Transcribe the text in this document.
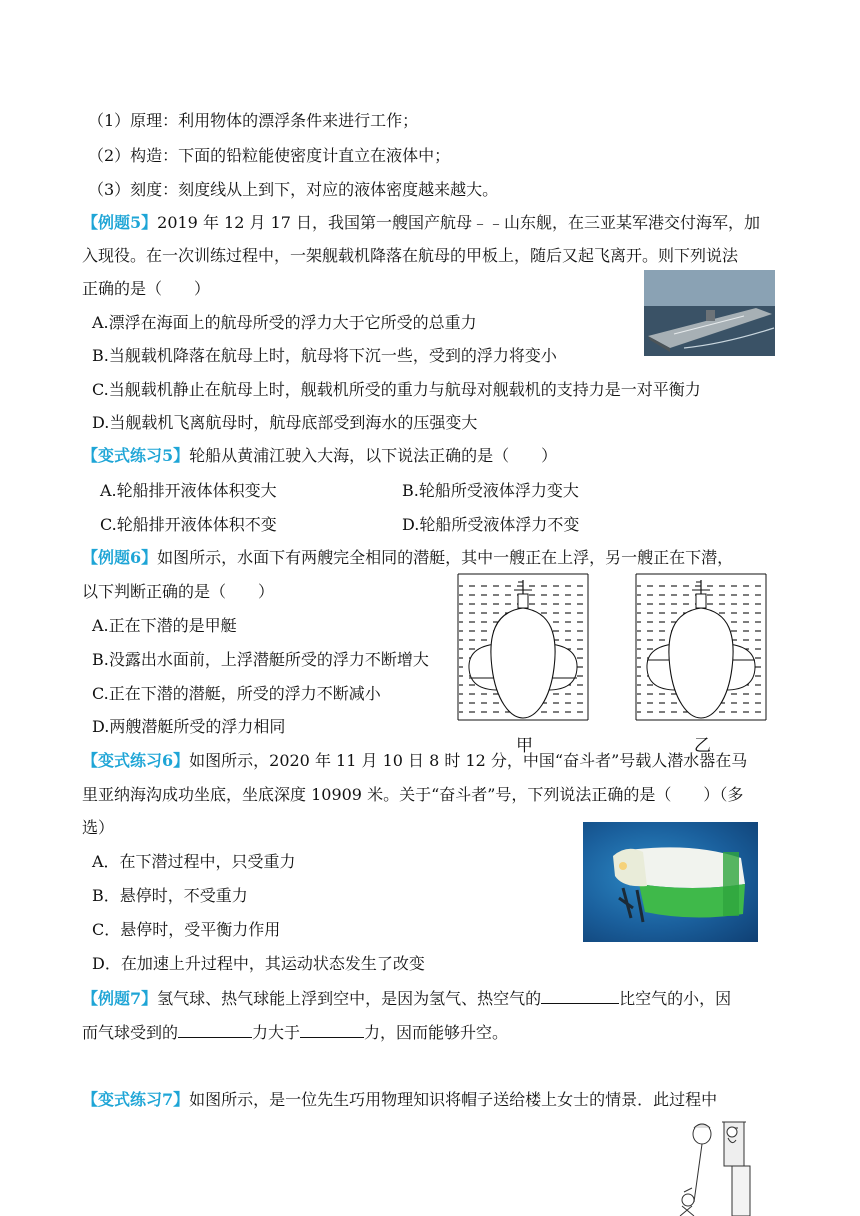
（1）原理：利用物体的漂浮条件来进行工作；
（2）构造：下面的铅粒能使密度计直立在液体中；
（3）刻度：刻度线从上到下，对应的液体密度越来越大。
【例题5】2019 年 12 月 17 日，我国第一艘国产航母﹣﹣山东舰，在三亚某军港交付海军，加
入现役。在一次训练过程中，一架舰载机降落在航母的甲板上，随后又起飞离开。则下列说法
正确的是（　　）
A.漂浮在海面上的航母所受的浮力大于它所受的总重力
B.当舰载机降落在航母上时，航母将下沉一些，受到的浮力将变小
C.当舰载机静止在航母上时，舰载机所受的重力与航母对舰载机的支持力是一对平衡力
D.当舰载机飞离航母时，航母底部受到海水的压强变大
【变式练习5】轮船从黄浦江驶入大海，以下说法正确的是（　　）
A.轮船排开液体体积变大	B.轮船所受液体浮力变大
C.轮船排开液体体积不变	D.轮船所受液体浮力不变
【例题6】如图所示，水面下有两艘完全相同的潜艇，其中一艘正在上浮，另一艘正在下潜，
以下判断正确的是（　　）
甲	乙
A.正在下潜的是甲艇
B.没露出水面前，上浮潜艇所受的浮力不断增大
C.正在下潜的潜艇，所受的浮力不断减小
D.两艘潜艇所受的浮力相同
【变式练习6】如图所示，2020 年 11 月 10 日 8 时 12 分，中国“奋斗者”号载人潜水器在马
里亚纳海沟成功坐底，坐底深度 10909 米。关于“奋斗者”号，下列说法正确的是（　　）（多
选）
A．在下潜过程中，只受重力
B．悬停时，不受重力
C．悬停时，受平衡力作用
D．在加速上升过程中，其运动状态发生了改变
【例题7】氢气球、热气球能上浮到空中，是因为氢气、热空气的	比空气的小，因
而气球受到的	力大于	力，因而能够升空。
【变式练习7】如图所示，是一位先生巧用物理知识将帽子送给楼上女士的情景．此过程中
